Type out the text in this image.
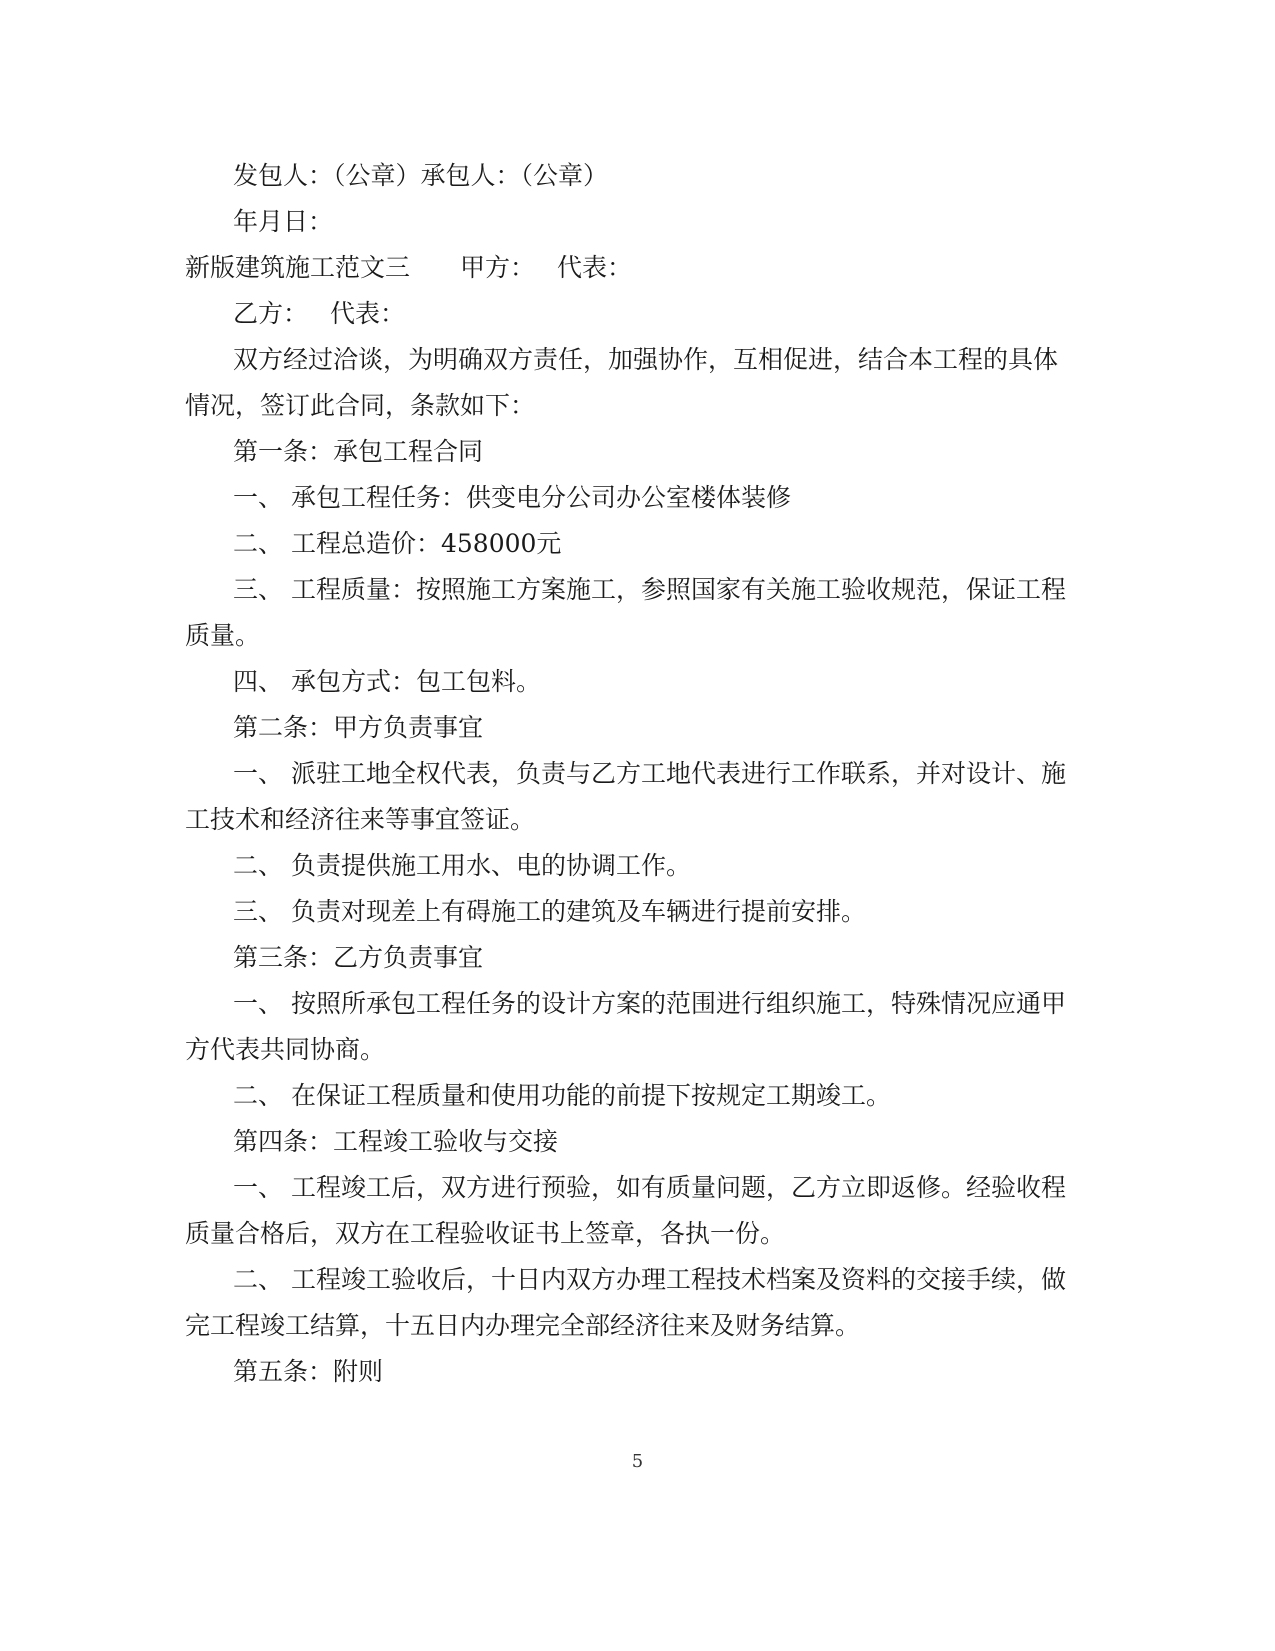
发包人：（公章）承包人：（公章）
年月日：
新版建筑施工范文三 甲方： 代表：
乙方： 代表：
双方经过洽谈，为明确双方责任，加强协作，互相促进，结合本工程的具体
情况，签订此合同，条款如下：
第一条：承包工程合同
一、 承包工程任务：供变电分公司办公室楼体装修
二、 工程总造价：458000元
三、 工程质量：按照施工方案施工，参照国家有关施工验收规范，保证工程
质量。
四、 承包方式：包工包料。
第二条：甲方负责事宜
一、 派驻工地全权代表，负责与乙方工地代表进行工作联系，并对设计、施
工技术和经济往来等事宜签证。
二、 负责提供施工用水、电的协调工作。
三、 负责对现差上有碍施工的建筑及车辆进行提前安排。
第三条：乙方负责事宜
一、 按照所承包工程任务的设计方案的范围进行组织施工，特殊情况应通甲
方代表共同协商。
二、 在保证工程质量和使用功能的前提下按规定工期竣工。
第四条：工程竣工验收与交接
一、 工程竣工后，双方进行预验，如有质量问题，乙方立即返修。经验收程
质量合格后，双方在工程验收证书上签章，各执一份。
二、 工程竣工验收后，十日内双方办理工程技术档案及资料的交接手续，做
完工程竣工结算，十五日内办理完全部经济往来及财务结算。
第五条：附则
5
